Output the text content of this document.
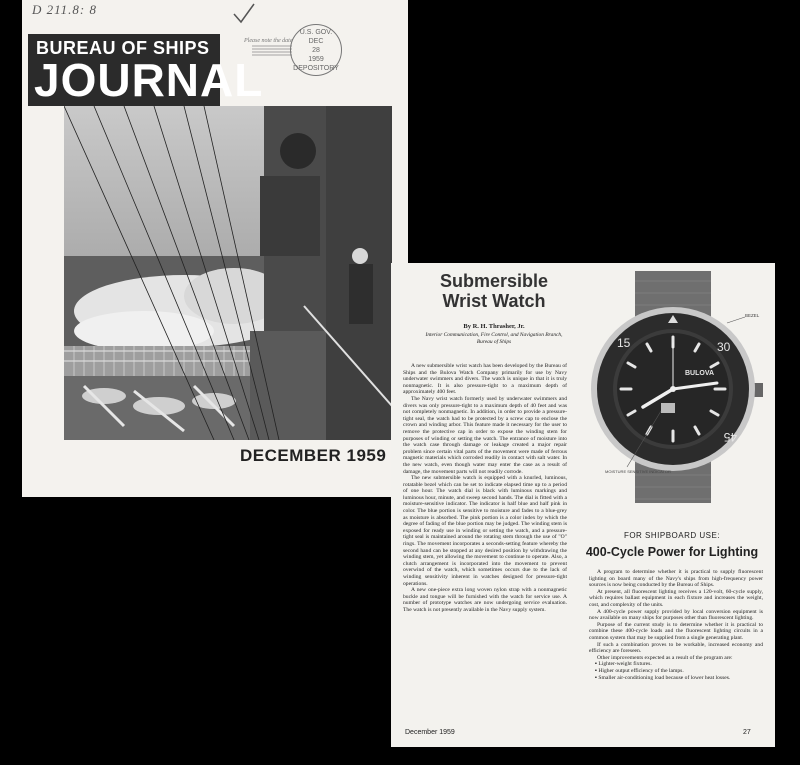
D 211.8: 8
Please note the date
U.S. GOV.
DEC
28
1959
DEPOSITORY
BUREAU OF SHIPS
JOURNAL
DECEMBER 1959
Submersible Wrist Watch
By R. H. Thrasher, Jr.
Interior Communication, Fire Control, and Navigation Branch, Bureau of Ships

A new submersible wrist watch has been developed by the Bureau of Ships and the Bulova Watch Company primarily for use by Navy underwater swimmers and divers. The watch is unique in that it is truly nonmagnetic. It is also pressure-tight to a maximum depth of approximately 400 feet.

The Navy wrist watch formerly used by underwater swimmers and divers was only pressure-tight to a maximum depth of 40 feet and was not completely nonmagnetic. In addition, in order to provide a pressure-tight seal, the watch had to be protected by a screw cap to enclose the crown and winding arbor. This feature made it necessary for the user to remove the protective cap in order to expose the winding stem for purposes of winding or setting the watch. The entrance of moisture into the watch case through damage or leakage created a major repair problem since certain vital parts of the movement were made of ferrous magnetic materials which corroded readily in contact with salt water. In the new watch, even though water may enter the case as a result of damage, the movement parts will not readily corrode.

The new submersible watch is equipped with a knurled, luminous, rotatable bezel which can be set to indicate elapsed time up to a period of one hour. The watch dial is black with luminous markings and luminous hour, minute, and sweep second hands. The dial is fitted with a moisture-sensitive indicator. The indicator is half blue and half pink in color. The blue portion is sensitive to moisture and fades to a blue-grey as moisture is absorbed. The pink portion is a color index by which the degree of fading of the blue portion may be judged. The winding stem is exposed for ready use in winding or setting the watch, and a pressure-tight seal is maintained around the rotating stem through the use of "O" rings. The movement incorporates a seconds-setting feature whereby the second hand can be stopped at any desired position by withdrawing the winding stem, yet allowing the movement to continue to operate. Also, a clutch arrangement is incorporated into the movement to prevent overwind of the watch, which sometimes occurs due to the lack of winding sensitivity inherent in watches designed for pressure-tight operations.

A new one-piece extra long woven nylon strap with a nonmagnetic buckle and tongue will be furnished with the watch for service use. A number of prototype watches are now undergoing service evaluation. The watch is not presently available in the Navy supply system.

15	30
45
BULOVA
BEZEL
MOISTURE SENSITIVE INDICATOR
FOR SHIPBOARD USE:
400-Cycle Power for Lighting

A program to determine whether it is practical to supply fluorescent lighting on board many of the Navy's ships from high-frequency power sources is now being conducted by the Bureau of Ships.

At present, all fluorescent lighting receives a 120-volt, 60-cycle supply, which requires ballast equipment in each fixture and increases the weight, cost, and complexity of the units.

A 400-cycle power supply provided by local conversion equipment is now available on many ships for purposes other than fluorescent lighting.

Purpose of the current study is to determine whether it is practical to combine these 400-cycle loads and the fluorescent lighting circuits in a common system that may be supplied from a single generating plant.

If such a combination proves to be workable, increased economy and efficiency are foreseen.

Other improvements expected as a result of the program are:

▪ Lighter-weight fixtures.
▪ Higher output efficiency of the lamps.
▪ Smaller air-conditioning load because of lower heat losses.
December 1959	27
